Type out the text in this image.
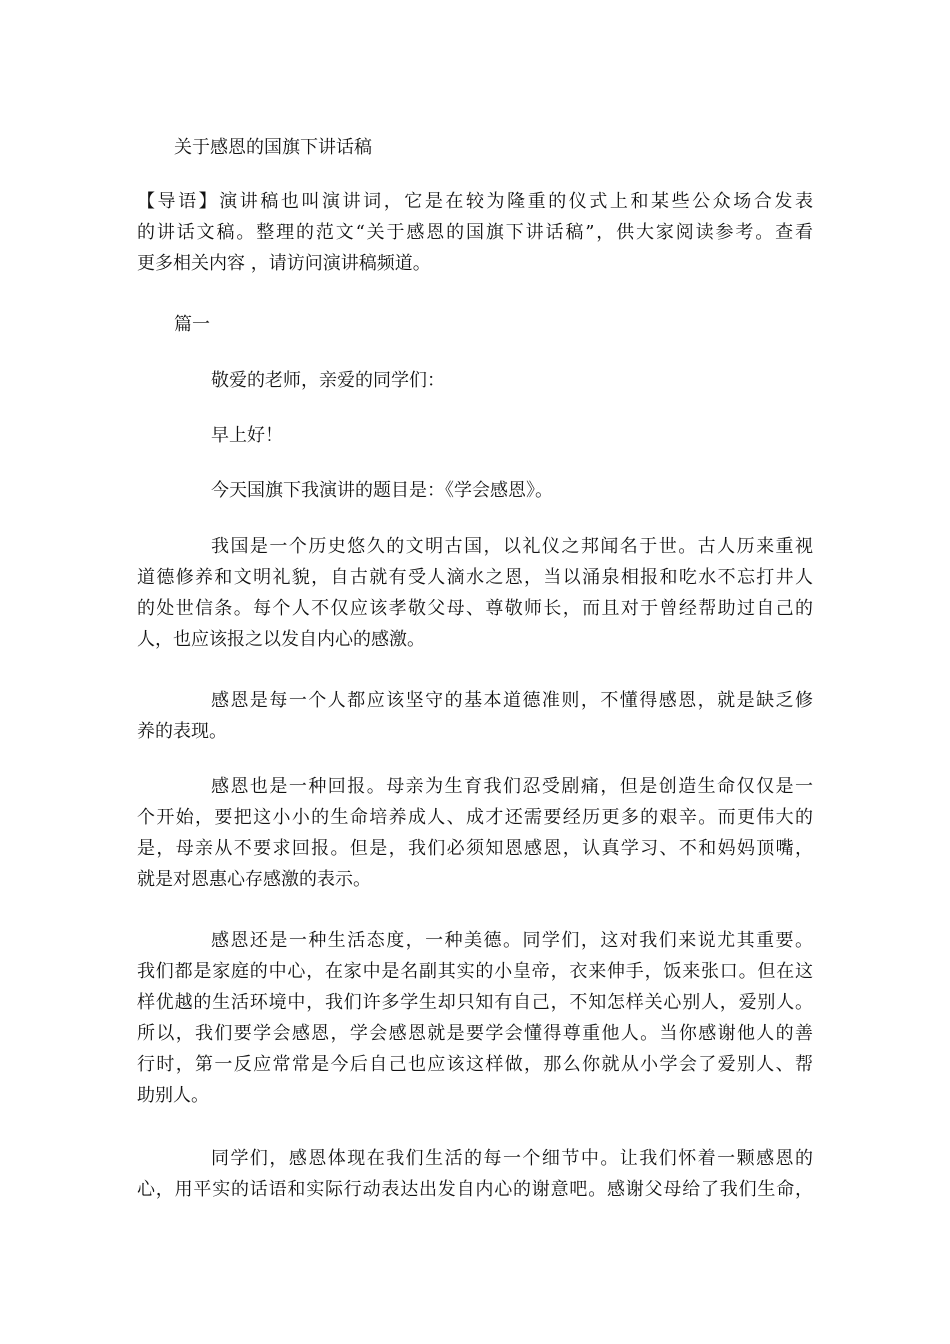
关于感恩的国旗下讲话稿
【导语】演讲稿也叫演讲词，它是在较为隆重的仪式上和某些公众场合发表
的讲话文稿。整理的范文“关于感恩的国旗下讲话稿”，供大家阅读参考。查看
更多相关内容 ，请访问演讲稿频道。
篇一
敬爱的老师，亲爱的同学们：
早上好！
今天国旗下我演讲的题目是：《学会感恩》。
我国是一个历史悠久的文明古国，以礼仪之邦闻名于世。古人历来重视
道德修养和文明礼貌，自古就有受人滴水之恩，当以涌泉相报和吃水不忘打井人
的处世信条。每个人不仅应该孝敬父母、尊敬师长，而且对于曾经帮助过自己的
人，也应该报之以发自内心的感激。
感恩是每一个人都应该坚守的基本道德准则，不懂得感恩，就是缺乏修
养的表现。
感恩也是一种回报。母亲为生育我们忍受剧痛，但是创造生命仅仅是一
个开始，要把这小小的生命培养成人、成才还需要经历更多的艰辛。而更伟大的
是，母亲从不要求回报。但是，我们必须知恩感恩，认真学习、不和妈妈顶嘴，
就是对恩惠心存感激的表示。
感恩还是一种生活态度，一种美德。同学们，这对我们来说尤其重要。
我们都是家庭的中心，在家中是名副其实的小皇帝，衣来伸手，饭来张口。但在这
样优越的生活环境中，我们许多学生却只知有自己，不知怎样关心别人，爱别人。
所以，我们要学会感恩，学会感恩就是要学会懂得尊重他人。当你感谢他人的善
行时，第一反应常常是今后自己也应该这样做，那么你就从小学会了爱别人、帮
助别人。
同学们，感恩体现在我们生活的每一个细节中。让我们怀着一颗感恩的
心，用平实的话语和实际行动表达出发自内心的谢意吧。感谢父母给了我们生命，
